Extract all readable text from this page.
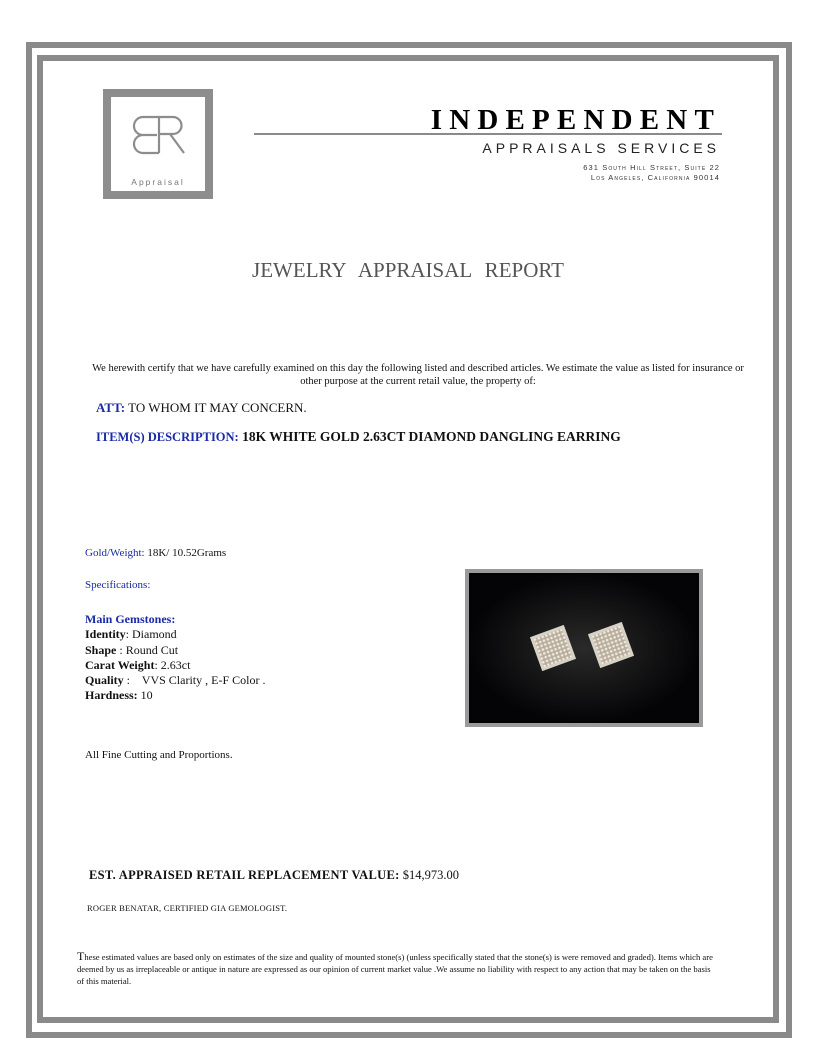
Appraisal
INDEPENDENT
APPRAISALS SERVICES
631 South Hill Street, Suite 22
Los Angeles, California 90014
JEWELRY APPRAISAL REPORT
We herewith certify that we have carefully examined on this day the following listed and described articles. We estimate the value as listed for insurance or other purpose at the current retail value, the property of:
ATT: TO WHOM IT MAY CONCERN.
ITEM(S) DESCRIPTION: 18K WHITE GOLD 2.63CT DIAMOND DANGLING EARRING
Gold/Weight: 18K/ 10.52Grams
Specifications:
Main Gemstones:
Identity: Diamond
Shape : Round Cut
Carat Weight: 2.63ct
Quality :    VVS Clarity , E-F Color .
Hardness: 10
All Fine Cutting and Proportions.
EST. APPRAISED RETAIL REPLACEMENT VALUE: $14,973.00
ROGER BENATAR, CERTIFIED GIA GEMOLOGIST.
These estimated values are based only on estimates of the size and quality of mounted stone(s) (unless specifically stated that the stone(s) is were removed and graded). Items which are deemed by us as irreplaceable or antique in nature are expressed as our opinion of current market value .We assume no liability with respect to any action that may be taken on the basis of this material.
